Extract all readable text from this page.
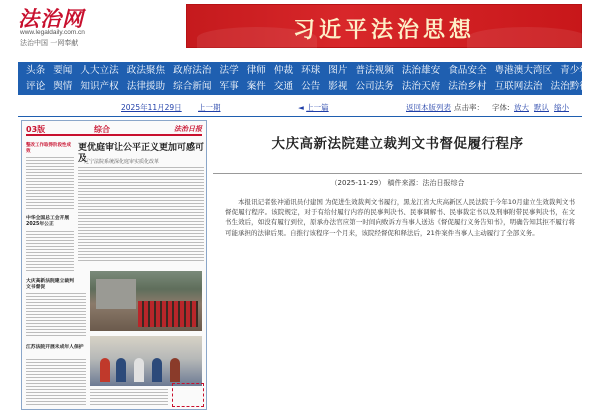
法治网
www.legaldaily.com.cn
法治中国 一网奉献	习近平法治思想
头条 要闻 人大立法 政法聚焦 政府法治 法学 律师 仲裁 环球 图片 普法视频 法治雄安 食品安全 粤港澳大湾区 青少年与法
评论 舆情 知识产权 法律援助 综合新闻 军事 案件 交通 公告 影视 公司法务 法治天府 法治乡村 互联网法治 法治黔行
2025年11月29日 上一期	◄ 上一篇	返回本版列表 点击率： 字体: 放大 默认 缩小
03版	综合	法治日报
整改工作取得阶段性成效	更优庭审让公平正义更加可感可及
辽宁法院系统深化庭审实质化改革
中华全国总工会开展2025年公正
大庆高新法院建立裁判文书督促
江苏法院开展未成年人保护
大庆高新法院建立裁判文书督促履行程序
（2025-11-29） 稿件来源：法治日报综合
本报讯记者张冲通讯员付建国 为促进生效裁判文书履行，黑龙江省大庆高新区人民法院于今年10月建立生效裁判文书督促履行程序。该院规定，对于有给付履行内容的民事判决书、民事调解书、民事裁定书以及刑事附带民事判决书，在文书生效后，如没有履行到位，原承办法官应第一时间向败诉方当事人送达《督促履行义务告知书》，明确告知其拒不履行将可能承担的法律后果。自推行该程序一个月来，该院经督促和释法后，21件案件当事人主动履行了全部义务。
